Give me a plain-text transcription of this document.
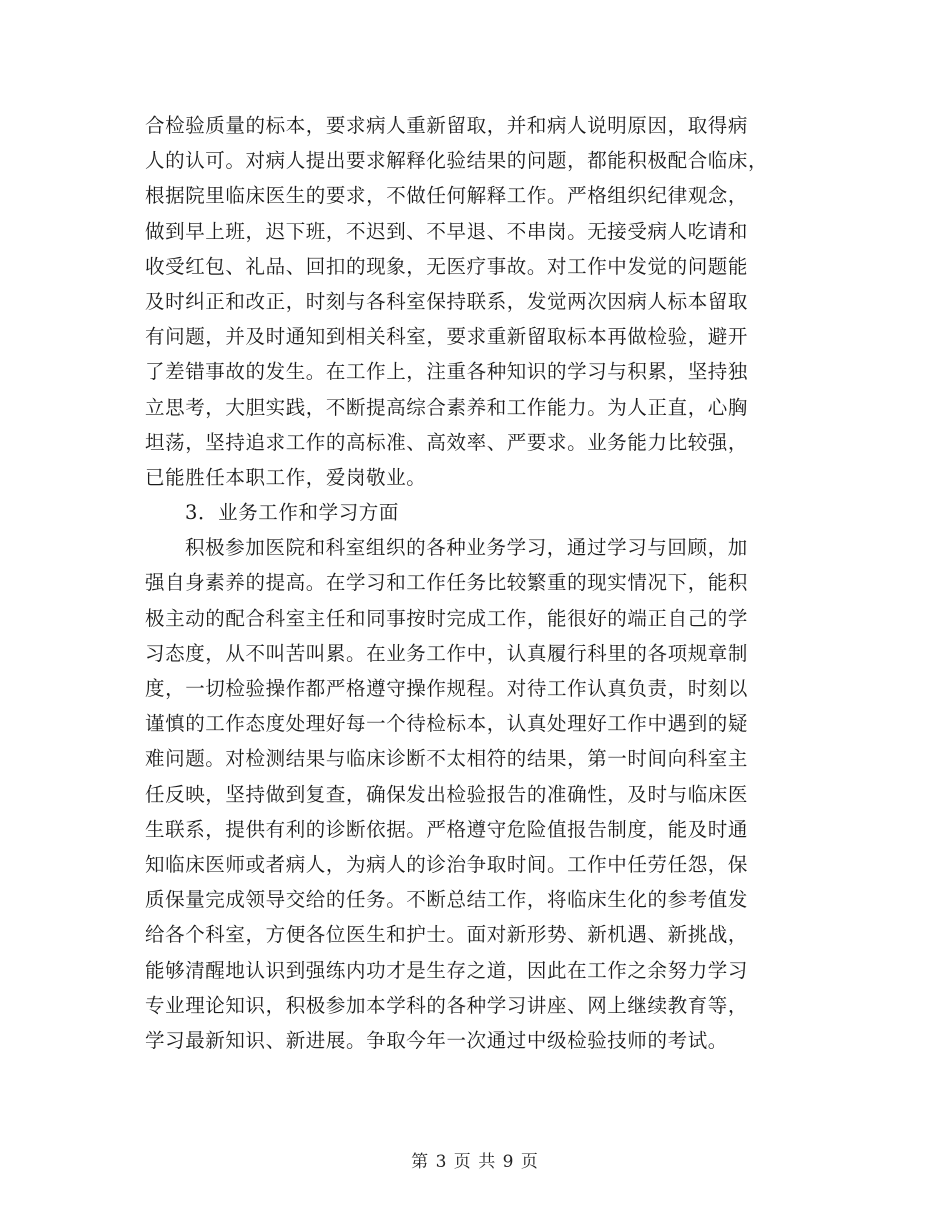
合检验质量的标本，要求病人重新留取，并和病人说明原因，取得病
人的认可。对病人提出要求解释化验结果的问题，都能积极配合临床，
根据院里临床医生的要求，不做任何解释工作。严格组织纪律观念，
做到早上班，迟下班，不迟到、不早退、不串岗。无接受病人吃请和
收受红包、礼品、回扣的现象，无医疗事故。对工作中发觉的问题能
及时纠正和改正，时刻与各科室保持联系，发觉两次因病人标本留取
有问题，并及时通知到相关科室，要求重新留取标本再做检验，避开
了差错事故的发生。在工作上，注重各种知识的学习与积累，坚持独
立思考，大胆实践，不断提高综合素养和工作能力。为人正直，心胸
坦荡，坚持追求工作的高标准、高效率、严要求。业务能力比较强，
已能胜任本职工作，爱岗敬业。
3．业务工作和学习方面
积极参加医院和科室组织的各种业务学习，通过学习与回顾，加
强自身素养的提高。在学习和工作任务比较繁重的现实情况下，能积
极主动的配合科室主任和同事按时完成工作，能很好的端正自己的学
习态度，从不叫苦叫累。在业务工作中，认真履行科里的各项规章制
度，一切检验操作都严格遵守操作规程。对待工作认真负责，时刻以
谨慎的工作态度处理好每一个待检标本，认真处理好工作中遇到的疑
难问题。对检测结果与临床诊断不太相符的结果，第一时间向科室主
任反映，坚持做到复查，确保发出检验报告的准确性，及时与临床医
生联系，提供有利的诊断依据。严格遵守危险值报告制度，能及时通
知临床医师或者病人，为病人的诊治争取时间。工作中任劳任怨，保
质保量完成领导交给的任务。不断总结工作，将临床生化的参考值发
给各个科室，方便各位医生和护士。面对新形势、新机遇、新挑战，
能够清醒地认识到强练内功才是生存之道，因此在工作之余努力学习
专业理论知识，积极参加本学科的各种学习讲座、网上继续教育等，
学习最新知识、新进展。争取今年一次通过中级检验技师的考试。
第 3 页 共 9 页
